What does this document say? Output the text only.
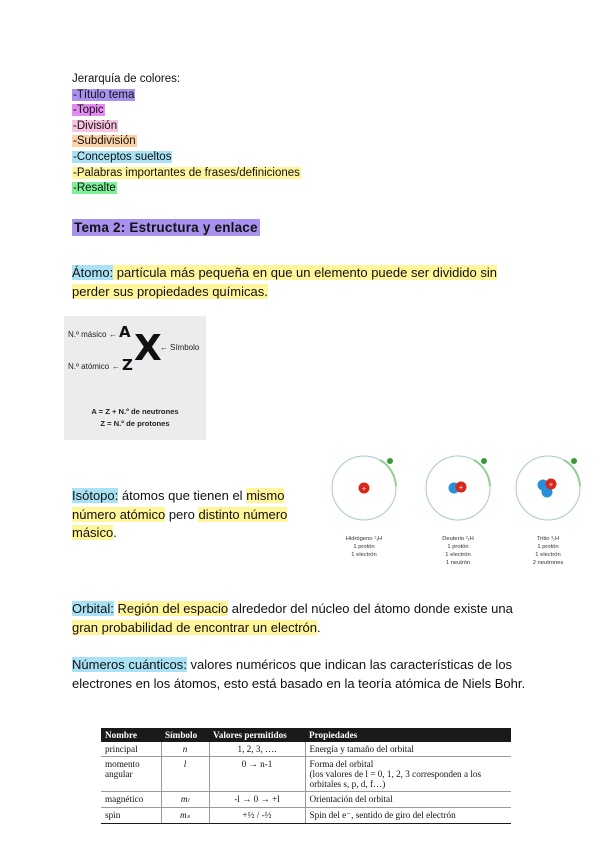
Jerarquía de colores:
-Título tema
-Topic
-División
-Subdivisión
-Conceptos sueltos
-Palabras importantes de frases/definiciones
-Resalte
Tema 2: Estructura y enlace
Átomo: partícula más pequeña en que un elemento puede ser dividido sin perder sus propiedades químicas.
N.º másico ← A X
← Símbolo
N.º atómico ← Z
A = Z + N.º de neutrones
Z = N.º de protones
Isótopo: átomos que tienen el mismo número atómico pero distinto número másico.
+
Hidrógeno ¹₁H
1 protón
1 electrón
+
Deuterio ²₁H
1 protón
1 electrón
1 neutrón
+
Tritio ³₁H
1 protón
1 electrón
2 neutrones
Orbital: Región del espacio alrededor del núcleo del átomo donde existe una gran probabilidad de encontrar un electrón.
Números cuánticos: valores numéricos que indican las características de los electrones en los átomos, esto está basado en la teoría atómica de Niels Bohr.
Nombre	Símbolo	Valores permitidos	Propiedades
principal	n	1, 2, 3, ….	Energía y tamaño del orbital
momento angular	l	0 → n-1	Forma del orbital
(los valores de l = 0, 1, 2, 3 corresponden a los orbitales s, p, d, f…)

magnético	mₗ	-l → 0 → +l	Orientación del orbital
spin	mₛ	+½ / -½	Spin del e⁻, sentido de giro del electrón
